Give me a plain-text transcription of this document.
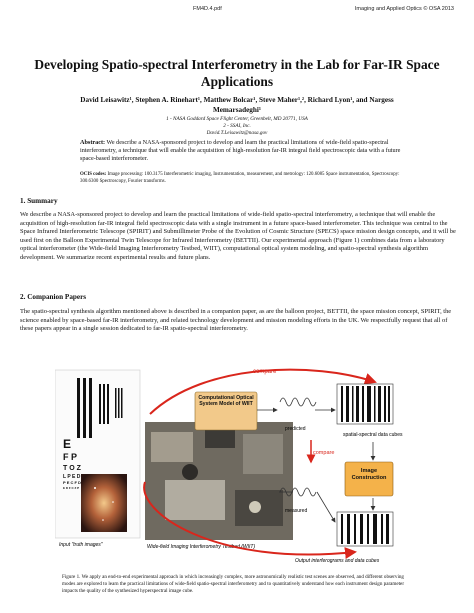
FM4D.4.pdf	Imaging and Applied Optics © OSA 2013
Developing Spatio-spectral Interferometry in the Lab for Far-IR Space Applications
David Leisawitz¹, Stephen A. Rinehart¹, Matthew Bolcar¹, Steve Maher¹,², Richard Lyon¹, and Nargess
Memarsadeghi¹
1 - NASA Goddard Space Flight Center, Greenbelt, MD 20771, USA
2 - SSAI, Inc.
David.T.Leisawitz@nasa.gov
Abstract: We describe a NASA-sponsored project to develop and learn the practical limitations of wide-field spatio-spectral interferometry, a technique that will enable the acquisition of high-resolution far-IR integral field spectroscopic data with a future space-based interferometer.
OCIS codes: Image processing: 100.3175 Interferometric imaging, Instrumentation, measurement, and metrology: 120.6085 Space instrumentation, Spectroscopy: 300.6300 Spectroscopy, Fourier transforms.
1. Summary
We describe a NASA-sponsored project to develop and learn the practical limitations of wide-field spatio-spectral interferometry, a technique that will enable the acquisition of high-resolution far-IR integral field spectroscopic data with a single instrument in a future space-based interferometer. This technique was central to the Space Infrared Interferometric Telescope (SPIRIT) and Submillimeter Probe of the Evolution of Cosmic Structure (SPECS) space mission design concepts, and it will be used first on the Balloon Experimental Twin Telescope for Infrared Interferometry (BETTII). Our experimental approach (Figure 1) combines data from a laboratory optical interferometer (the Wide-field Imaging Interferometry Testbed, WIIT), computational optical system modeling, and spatio-spectral synthesis algorithm development. We summarize recent experimental results and future plans.
2. Companion Papers
The spatio-spectral synthesis algorithm mentioned above is described in a companion paper, as are the balloon project, BETTII, the space mission concept, SPIRIT, the science enabled by space-based far-IR interferometry, and related technology development and mission modeling efforts in the UK. We respectfully request that all of these papers appear in a single session dedicated to far-IR spatio-spectral interferometry.
E
F P
T O Z
L P E D
P E C F D
E D F C Z P
Input "truth images"	Wide-field Imaging Interferometry Testbed (WIIT)
Computational Optical System Model of WIIT
compare
compare
predicted
measured
spatial-spectral data cubes
Image Construction
Output interferograms and data cubes
Figure 1. We apply an end-to-end experimental approach in which increasingly complex, more astronomically realistic test scenes are observed, and different observing modes are explored to learn the practical limitations of wide-field spatio-spectral interferometry and to quantitatively understand how each instrument design parameter impacts the quality of the synthesized hyperspectral image cube.
